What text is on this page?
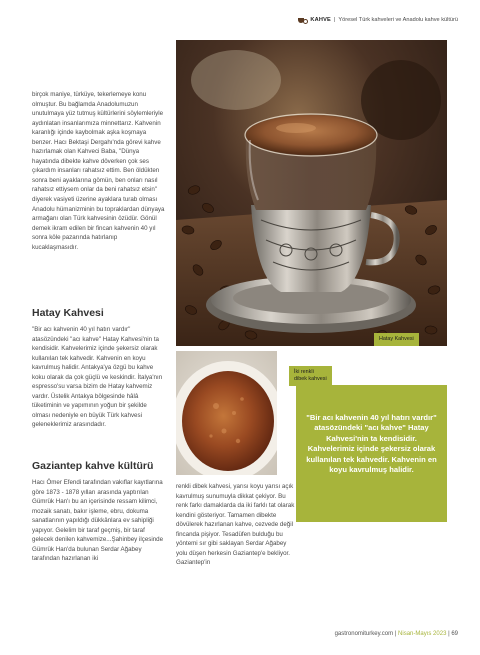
KAHVE | Yöresel Türk kahveleri ve Anadolu kahve kültürü

birçok maniye, türküye, tekerlemeye konu olmuştur. Bu bağlamda Anadolumuzun unutulmaya yüz tutmuş kültürlerini söylemleriyle aydınlatan insanlarımıza minnettarız. Kahvenin karanlığı içinde kaybolmak aşka koşmaya benzer. Hacı Bektaşi Dergahı'nda görevi kahve hazırlamak olan Kahveci Baba, "Dünya hayatında dibekte kahve döverken çok ses çıkardım insanları rahatsız ettim. Ben öldükten sonra beni ayaklarına gömün, ben onları nasıl rahatsız ettiysem onlar da beni rahatsız etsin" diyerek vasiyeti üzerine ayaklara turab olması Anadolu hümanizminin bu topraklardan dünyaya armağanı olan Türk kahvesinin özüdür. Gönül demek ikram edilen bir fincan kahvenin 40 yıl sonra köle pazarında hatırlanıp kucaklaşmasıdır.

Hatay Kahvesi

"Bir acı kahvenin 40 yıl hatırı vardır" atasözündeki "acı kahve" Hatay Kahvesi'nin ta kendisidir. Kahvelerimiz içinde şekersiz olarak kullanılan tek kahvedir. Kahvenin en koyu kavrulmuş halidir. Antakya'ya özgü bu kahve koku olarak da çok güçlü ve keskindir. İtalya'nın espresso'su varsa bizim de Hatay kahvemiz vardır. Üstelik Antakya bölgesinde hâlâ tüketiminin ve yapımının yoğun bir şekilde olması nedeniyle en büyük Türk kahvesi geleneklerimiz arasındadır.

Gaziantep kahve kültürü

Hacı Ömer Efendi tarafından vakıflar kayıtlarına göre 1873 - 1878 yılları arasında yaptırılan Gümrük Han'ı bu an içerisinde ressam kilimci, mozaik sanatı, bakır işleme, ebru, dokuma sanatlarının yapıldığı dükkânlara ev sahipliği yapıyor. Gelelim bir taraf geçmiş, bir taraf gelecek denilen kahvemize...Şahinbey ilçesinde Gümrük Han'da bulunan Serdar Ağabey tarafından hazırlanan iki

Hatay Kahvesi
İki renkli
dibek kahvesi

renkli dibek kahvesi, yarısı koyu yarısı açık kavrulmuş sunumuyla dikkat çekiyor. Bu renk farkı damaklarda da iki farklı tat olarak kendini gösteriyor. Tamamen dibekte dövülerek hazırlanan kahve, cezvede değil fincanda pişiyor. Tesadüfen bulduğu bu yöntemi sır gibi saklayan Serdar Ağabey yolu düşen herkesin Gaziantep'e bekliyor. Gaziantep'in

"Bir acı kahvenin 40 yıl hatırı vardır" atasözündeki "acı kahve" Hatay Kahvesi'nin ta kendisidir. Kahvelerimiz içinde şekersiz olarak kullanılan tek kahvedir. Kahvenin en koyu kavrulmuş halidir.

gastronomiturkey.com | Nisan-Mayıs 2023 | 69
